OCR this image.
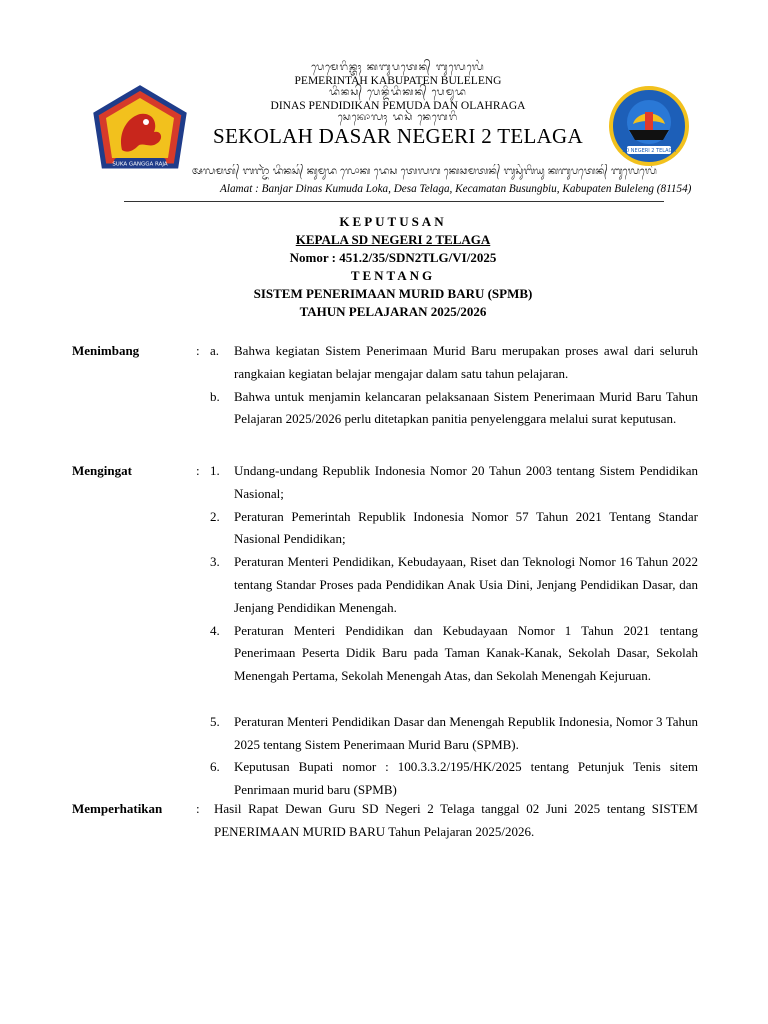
SUKA GANGGA RAJA
ᬧᬾᬫᬾᬭᬶᬦ᭄ᬢᬄ ᬓᬩᬸᬧᬢᬾᬦ᭄ ᬩᬸᬮᬾᬮᬾᬂ
PEMERINTAH KABUPATEN BULELENG
ᬤᬶᬦᬲ᭄ ᬧᬾᬦ᭄ᬤᬶᬤᬶᬓᬦ᭄ ᬧᬾᬫᬸᬤ
DINAS PENDIDIKAN PEMUDA DAN OLAHRAGA
ᬲᬾᬓᭀᬮᬄ ᬤᬲᬃ ᬦᬾᬕᬾᬭᬶ
SEKOLAH DASAR NEGERI 2 TELAGA
ᬅᬮᬫᬢ᭄ ᬩᬜ᭄ᬚᬃ ᬤᬶᬦᬲ᭄ ᬓᬸᬫᬸᬤ ᬮᭀᬓ ᬤᬾᬲ ᬢᬾᬮᬕ ᬓᬾᬘᬫᬢᬦ᭄ ᬩᬸᬲᬸᬂᬩᬶᬬᬸ ᬓᬩᬸᬧᬢᬾᬦ᭄ ᬩᬸᬮᬾᬮᬾᬂ
Alamat : Banjar Dinas Kumuda Loka, Desa Telaga, Kecamatan Busungbiu, Kabupaten Buleleng (81154)
SD NEGERI 2 TELAGA
KEPUTUSAN
KEPALA SD NEGERI 2 TELAGA
Nomor : 451.2/35/SDN2TLG/VI/2025
TENTANG
SISTEM PENERIMAAN MURID BARU (SPMB)
TAHUN PELAJARAN 2025/2026
Menimbang	: a. Bahwa kegiatan Sistem Penerimaan Murid Baru merupakan proses awal dari seluruh rangkaian kegiatan belajar mengajar dalam satu tahun pelajaran.
b. Bahwa untuk menjamin kelancaran pelaksanaan Sistem Penerimaan Murid Baru Tahun Pelajaran 2025/2026 perlu ditetapkan panitia penyelenggara melalui surat keputusan.
Mengingat	: 1. Undang-undang Republik Indonesia Nomor 20 Tahun 2003 tentang Sistem Pendidikan Nasional;
2. Peraturan Pemerintah Republik Indonesia Nomor 57 Tahun 2021 Tentang Standar Nasional Pendidikan;
3. Peraturan Menteri Pendidikan, Kebudayaan, Riset dan Teknologi Nomor 16 Tahun 2022 tentang Standar Proses pada Pendidikan Anak Usia Dini, Jenjang Pendidikan Dasar, dan Jenjang Pendidikan Menengah.
4. Peraturan Menteri Pendidikan dan Kebudayaan Nomor 1 Tahun 2021 tentang Penerimaan Peserta Didik Baru pada Taman Kanak-Kanak, Sekolah Dasar, Sekolah Menengah Pertama, Sekolah Menengah Atas, dan Sekolah Menengah Kejuruan.
5. Peraturan Menteri Pendidikan Dasar dan Menengah Republik Indonesia, Nomor 3 Tahun 2025 tentang Sistem Penerimaan Murid Baru (SPMB).
6. Keputusan Bupati nomor : 100.3.3.2/195/HK/2025 tentang Petunjuk Tenis sitem Penrimaan murid baru (SPMB)
Memperhatikan	: Hasil Rapat Dewan Guru SD Negeri 2 Telaga tanggal 02 Juni 2025 tentang SISTEM PENERIMAAN MURID BARU Tahun Pelajaran 2025/2026.
